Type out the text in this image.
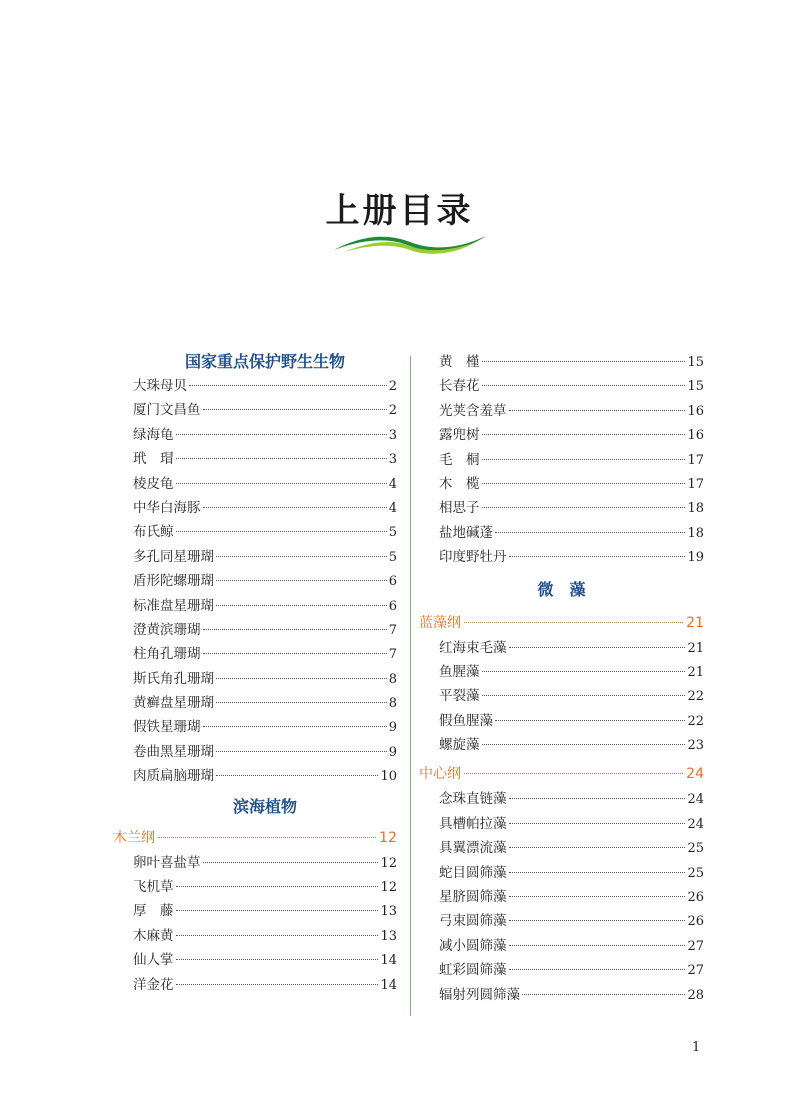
上册目录
国家重点保护野生生物
大珠母贝	2
厦门文昌鱼	2
绿海龟	3
玳　瑁	3
棱皮龟	4
中华白海豚	4
布氏鲸	5
多孔同星珊瑚	5
盾形陀螺珊瑚	6
标准盘星珊瑚	6
澄黄滨珊瑚	7
柱角孔珊瑚	7
斯氏角孔珊瑚	8
黄癣盘星珊瑚	8
假铁星珊瑚	9
卷曲黑星珊瑚	9
肉质扁脑珊瑚	10
滨海植物
木兰纲	12
卵叶喜盐草	12
飞机草	12
厚　藤	13
木麻黄	13
仙人掌	14
洋金花	14
黄　槿	15
长春花	15
光荚含羞草	16
露兜树	16
毛　桐	17
木　榄	17
相思子	18
盐地碱蓬	18
印度野牡丹	19
微　藻
蓝藻纲	21
红海束毛藻	21
鱼腥藻	21
平裂藻	22
假鱼腥藻	22
螺旋藻	23
中心纲	24
念珠直链藻	24
具槽帕拉藻	24
具翼漂流藻	25
蛇目圆筛藻	25
星脐圆筛藻	26
弓束圆筛藻	26
减小圆筛藻	27
虹彩圆筛藻	27
辐射列圆筛藻	28
1
